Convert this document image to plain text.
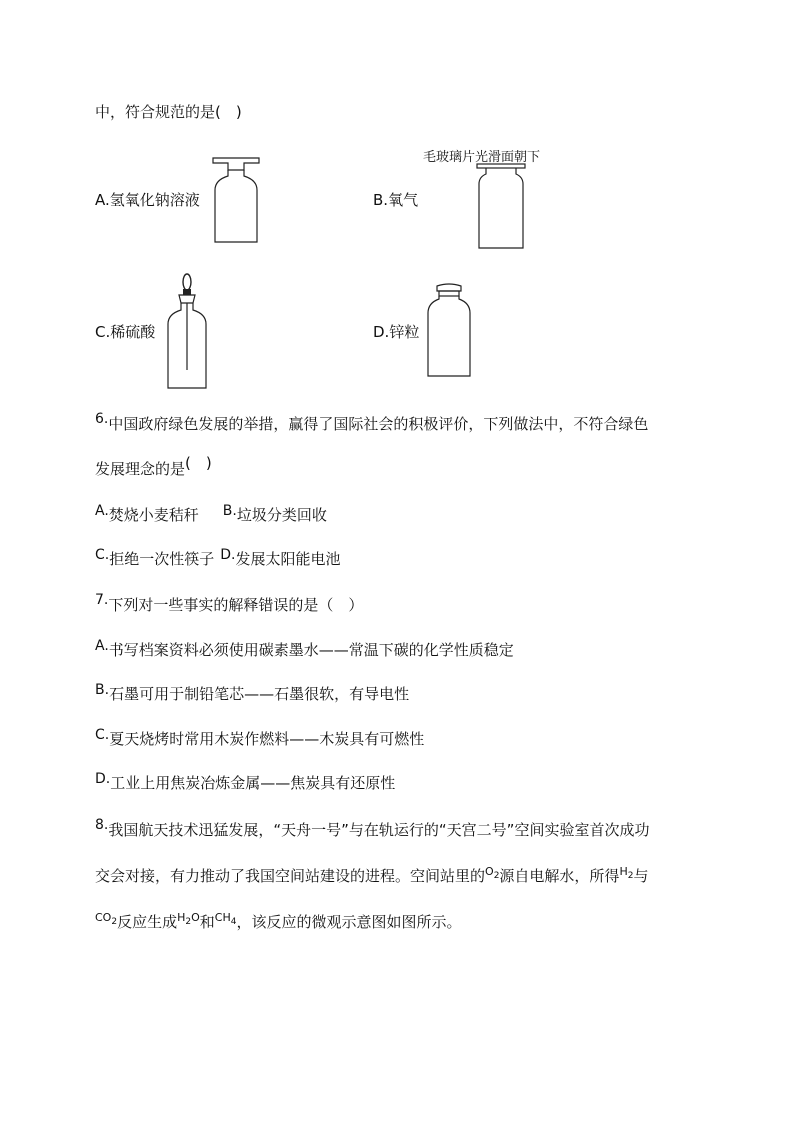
中，符合规范的是(　)
A.氢氧化钠溶液
毛玻璃片光滑面朝下
B.氧气
C.稀硫酸	D.锌粒
6.中国政府绿色发展的举措，赢得了国际社会的积极评价，下列做法中，不符合绿色
发展理念的是(　)
A.焚烧小麦秸秆 B.垃圾分类回收
C.拒绝一次性筷子 D.发展太阳能电池
7.下列对一些事实的解释错误的是（　）
A.书写档案资料必须使用碳素墨水——常温下碳的化学性质稳定
B.石墨可用于制铅笔芯——石墨很软，有导电性
C.夏天烧烤时常用木炭作燃料——木炭具有可燃性
D.工业上用焦炭冶炼金属——焦炭具有还原性
8.我国航天技术迅猛发展，“天舟一号”与在轨运行的“天宫二号”空间实验室首次成功
交会对接，有力推动了我国空间站建设的进程。空间站里的$^{O_2}$源自电解水，所得$^{H_2}$与
$^{CO_2}$反应生成$^{H_2O}$和$^{CH_4}$，该反应的微观示意图如图所示。
